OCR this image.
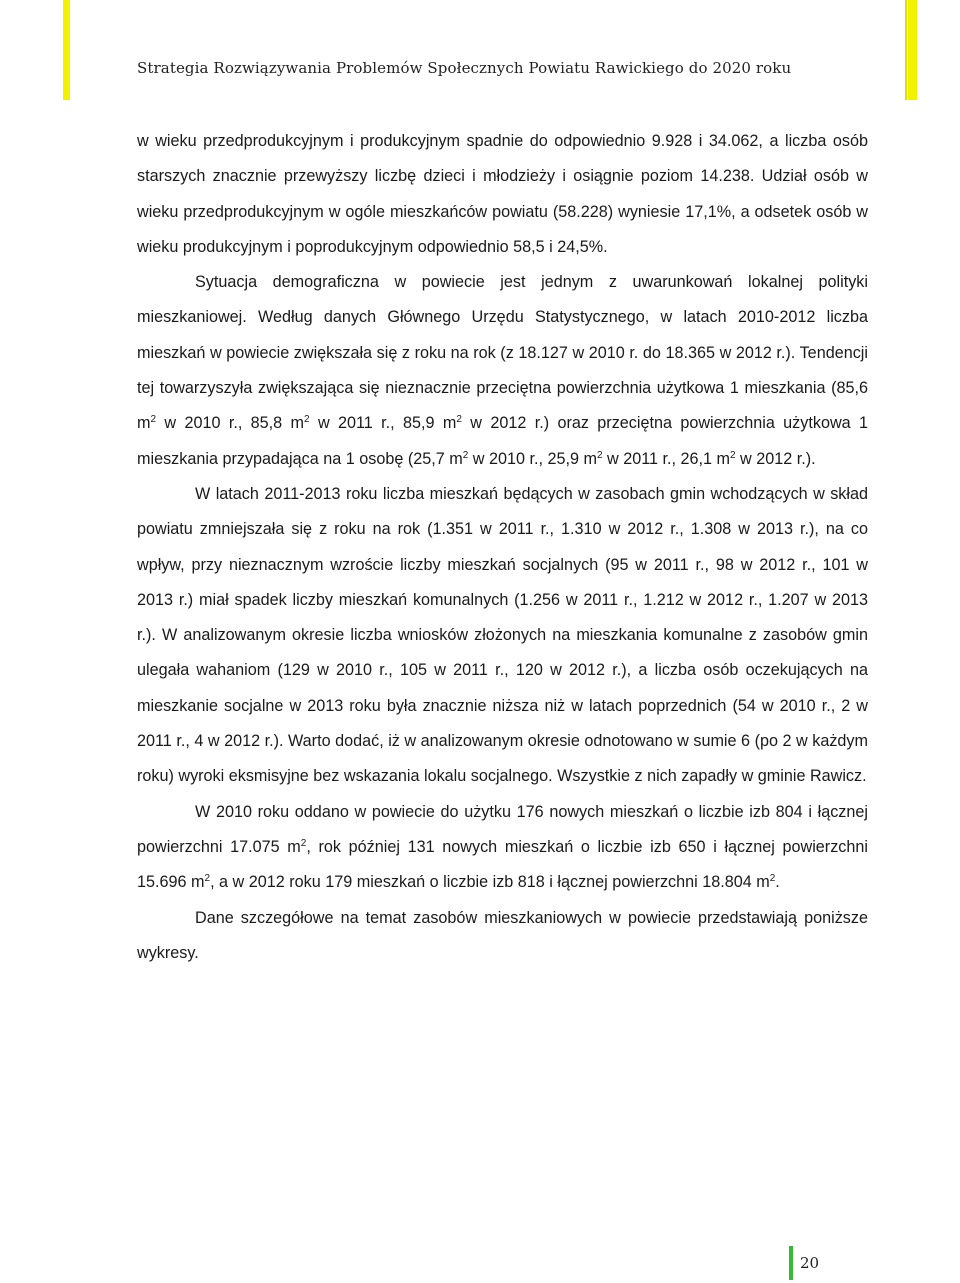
Strategia Rozwiązywania Problemów Społecznych Powiatu Rawickiego do 2020 roku

w wieku przedprodukcyjnym i produkcyjnym spadnie do odpowiednio 9.928 i 34.062, a liczba osób starszych znacznie przewyższy liczbę dzieci i młodzieży i osiągnie poziom 14.238. Udział osób w wieku przedprodukcyjnym w ogóle mieszkańców powiatu (58.228) wyniesie 17,1%, a odsetek osób w wieku produkcyjnym i poprodukcyjnym odpowiednio 58,5 i 24,5%.

Sytuacja demograficzna w powiecie jest jednym z uwarunkowań lokalnej polityki mieszkaniowej. Według danych Głównego Urzędu Statystycznego, w latach 2010-2012 liczba mieszkań w powiecie zwiększała się z roku na rok (z 18.127 w 2010 r. do 18.365 w 2012 r.). Tendencji tej towarzyszyła zwiększająca się nieznacznie przeciętna powierzchnia użytkowa 1 mieszkania (85,6 $m^2$ w 2010 r., 85,8 $m^2$ w 2011 r., 85,9 $m^2$ w 2012 r.) oraz przeciętna powierzchnia użytkowa 1 mieszkania przypadająca na 1 osobę (25,7 $m^2$ w 2010 r., 25,9 $m^2$ w 2011 r., 26,1 $m^2$ w 2012 r.).

W latach 2011-2013 roku liczba mieszkań będących w zasobach gmin wchodzących w skład powiatu zmniejszała się z roku na rok (1.351 w 2011 r., 1.310 w 2012 r., 1.308 w 2013 r.), na co wpływ, przy nieznacznym wzroście liczby mieszkań socjalnych (95 w 2011 r., 98 w 2012 r., 101 w 2013 r.) miał spadek liczby mieszkań komunalnych (1.256 w 2011 r., 1.212 w 2012 r., 1.207 w 2013 r.). W analizowanym okresie liczba wniosków złożonych na mieszkania komunalne z zasobów gmin ulegała wahaniom (129 w 2010 r., 105 w 2011 r., 120 w 2012 r.), a liczba osób oczekujących na mieszkanie socjalne w 2013 roku była znacznie niższa niż w latach poprzednich (54 w 2010 r., 2 w 2011 r., 4 w 2012 r.). Warto dodać, iż w analizowanym okresie odnotowano w sumie 6 (po 2 w każdym roku) wyroki eksmisyjne bez wskazania lokalu socjalnego. Wszystkie z nich zapadły w gminie Rawicz.

W 2010 roku oddano w powiecie do użytku 176 nowych mieszkań o liczbie izb 804 i łącznej powierzchni 17.075 $m^2$, rok później 131 nowych mieszkań o liczbie izb 650 i łącznej powierzchni 15.696 $m^2$, a w 2012 roku 179 mieszkań o liczbie izb 818 i łącznej powierzchni 18.804 $m^2$.

Dane szczegółowe na temat zasobów mieszkaniowych w powiecie przedstawiają poniższe wykresy.

20
